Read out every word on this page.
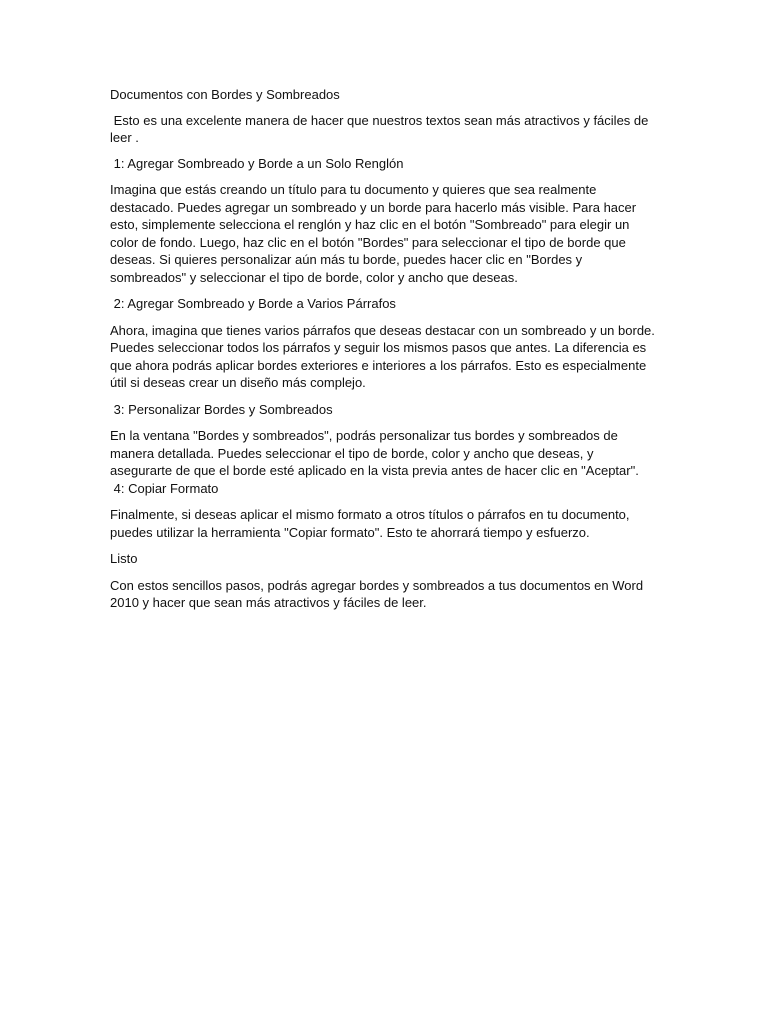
Documentos con Bordes y Sombreados

Esto es una excelente manera de hacer que nuestros textos sean más atractivos y fáciles de leer .

1: Agregar Sombreado y Borde a un Solo Renglón

Imagina que estás creando un título para tu documento y quieres que sea realmente destacado. Puedes agregar un sombreado y un borde para hacerlo más visible. Para hacer esto, simplemente selecciona el renglón y haz clic en el botón "Sombreado" para elegir un color de fondo. Luego, haz clic en el botón "Bordes" para seleccionar el tipo de borde que deseas. Si quieres personalizar aún más tu borde, puedes hacer clic en "Bordes y sombreados" y seleccionar el tipo de borde, color y ancho que deseas.

2: Agregar Sombreado y Borde a Varios Párrafos

Ahora, imagina que tienes varios párrafos que deseas destacar con un sombreado y un borde. Puedes seleccionar todos los párrafos y seguir los mismos pasos que antes. La diferencia es que ahora podrás aplicar bordes exteriores e interiores a los párrafos. Esto es especialmente útil si deseas crear un diseño más complejo.

3: Personalizar Bordes y Sombreados

En la ventana "Bordes y sombreados", podrás personalizar tus bordes y sombreados de manera detallada. Puedes seleccionar el tipo de borde, color y ancho que deseas, y asegurarte de que el borde esté aplicado en la vista previa antes de hacer clic en "Aceptar".

4: Copiar Formato

Finalmente, si deseas aplicar el mismo formato a otros títulos o párrafos en tu documento, puedes utilizar la herramienta "Copiar formato". Esto te ahorrará tiempo y esfuerzo.

Listo

Con estos sencillos pasos, podrás agregar bordes y sombreados a tus documentos en Word 2010 y hacer que sean más atractivos y fáciles de leer.
